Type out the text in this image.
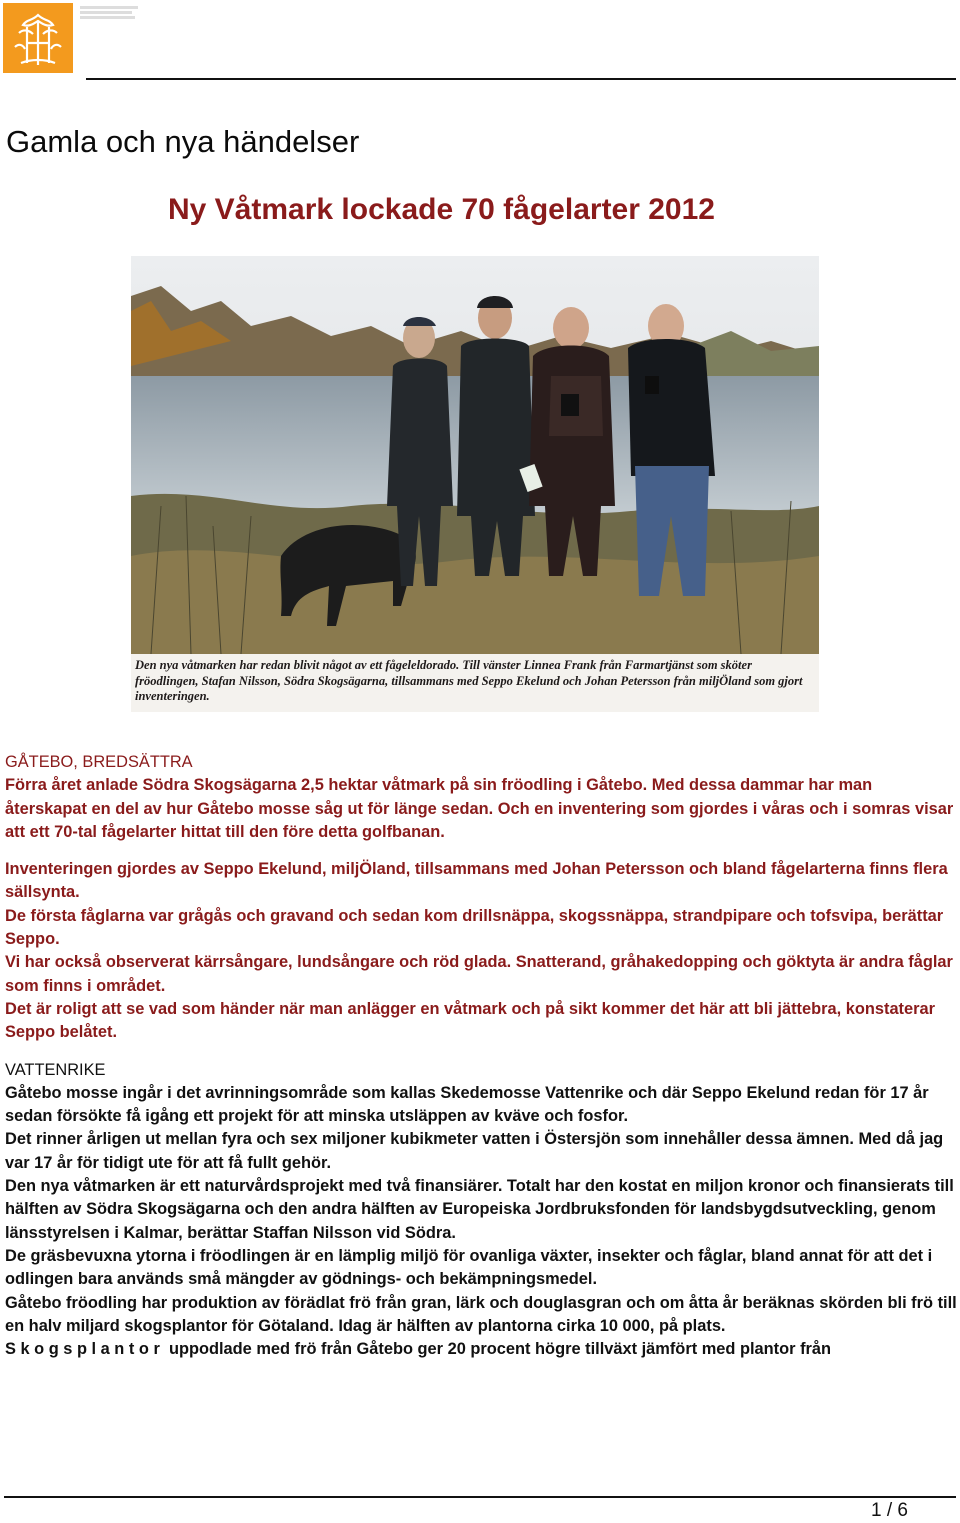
Gamla och nya händelser
Ny Våtmark lockade 70 fågelarter 2012
Den nya våtmarken har redan blivit något av ett fågeleldorado. Till vänster Linnea Frank från Farmartjänst som sköter fröodlingen, Stafan Nilsson, Södra Skogsägarna, tillsammans med Seppo Ekelund och Johan Petersson från miljÖland som gjort inventeringen.

GÅTEBO, BREDSÄTTRA

Förra året anlade Södra Skogsägarna 2,5 hektar våtmark på sin fröodling i Gåtebo. Med dessa dammar har man återskapat en del av hur Gåtebo mosse såg ut för länge sedan. Och en inventering som gjordes i våras och i somras visar att ett 70-tal fågelarter hittat till den före detta golfbanan.

Inventeringen gjordes av Seppo Ekelund, miljÖland, tillsammans med Johan Petersson och bland fågelarterna finns flera sällsynta.

De första fåglarna var grågås och gravand och sedan kom drillsnäppa, skogssnäppa, strandpipare och tofsvipa, berättar Seppo.

Vi har också observerat kärrsångare, lundsångare och röd glada. Snatterand, gråhakedopping och göktyta är andra fåglar som finns i området.

Det är roligt att se vad som händer när man anlägger en våtmark och på sikt kommer det här att bli jättebra, konstaterar Seppo belåtet.

VATTENRIKE

Gåtebo mosse ingår i det avrinningsområde som kallas Skedemosse Vattenrike och där Seppo Ekelund redan för 17 år sedan försökte få igång ett projekt för att minska utsläppen av kväve och fosfor.

Det rinner årligen ut mellan fyra och sex miljoner kubikmeter vatten i Östersjön som innehåller dessa ämnen. Med då jag var 17 år för tidigt ute för att få fullt gehör.

Den nya våtmarken är ett naturvårdsprojekt med två finansiärer. Totalt har den kostat en miljon kronor och finansierats till hälften av Södra Skogsägarna och den andra hälften av Europeiska Jordbruksfonden för landsbygdsutveckling, genom länsstyrelsen i Kalmar, berättar Staffan Nilsson vid Södra.

De gräsbevuxna ytorna i fröodlingen är en lämplig miljö för ovanliga växter, insekter och fåglar, bland annat för att det i odlingen bara används små mängder av gödnings- och bekämpningsmedel.

Gåtebo fröodling har produktion av förädlat frö från gran, lärk och douglasgran och om åtta år beräknas skörden bli frö till en halv miljard skogsplantor för Götaland. Idag är hälften av plantorna cirka 10 000, på plats.

S k o g s p l a n t o r uppodlade med frö från Gåtebo ger 20 procent högre tillväxt jämfört med plantor från

1 / 6
